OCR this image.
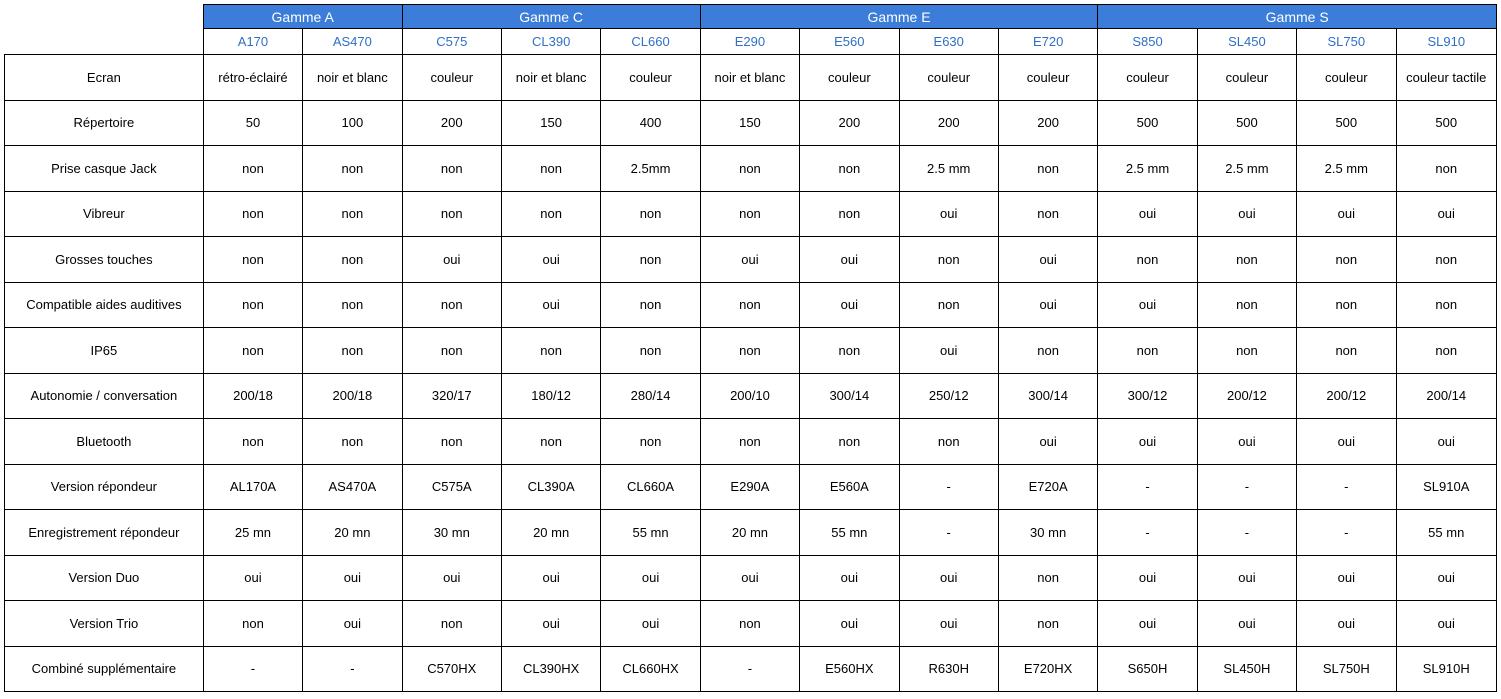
	Gamme A		Gamme C			Gamme E				Gamme S			
	A170	AS470	C575	CL390	CL660	E290	E560	E630	E720	S850	SL450	SL750	SL910
Ecran	rétro-éclairé	noir et blanc	couleur	noir et blanc	couleur	noir et blanc	couleur	couleur	couleur	couleur	couleur	couleur	couleur tactile
Répertoire	50	100	200	150	400	150	200	200	200	500	500	500	500
Prise casque Jack	non	non	non	non	2.5mm	non	non	2.5 mm	non	2.5 mm	2.5 mm	2.5 mm	non
Vibreur	non	non	non	non	non	non	non	oui	non	oui	oui	oui	oui
Grosses touches	non	non	oui	oui	non	oui	oui	non	oui	non	non	non	non
Compatible aides auditives	non	non	non	oui	non	non	oui	non	oui	oui	non	non	non
IP65	non	non	non	non	non	non	non	oui	non	non	non	non	non
Autonomie / conversation	200/18	200/18	320/17	180/12	280/14	200/10	300/14	250/12	300/14	300/12	200/12	200/12	200/14
Bluetooth	non	non	non	non	non	non	non	non	oui	oui	oui	oui	oui
Version répondeur	AL170A	AS470A	C575A	CL390A	CL660A	E290A	E560A	-	E720A	-	-	-	SL910A
Enregistrement répondeur	25 mn	20 mn	30 mn	20 mn	55 mn	20 mn	55 mn	-	30 mn	-	-	-	55 mn
Version Duo	oui	oui	oui	oui	oui	oui	oui	oui	non	oui	oui	oui	oui
Version Trio	non	oui	non	oui	oui	non	oui	oui	non	oui	oui	oui	oui
Combiné supplémentaire	-	-	C570HX	CL390HX	CL660HX	-	E560HX	R630H	E720HX	S650H	SL450H	SL750H	SL910H
